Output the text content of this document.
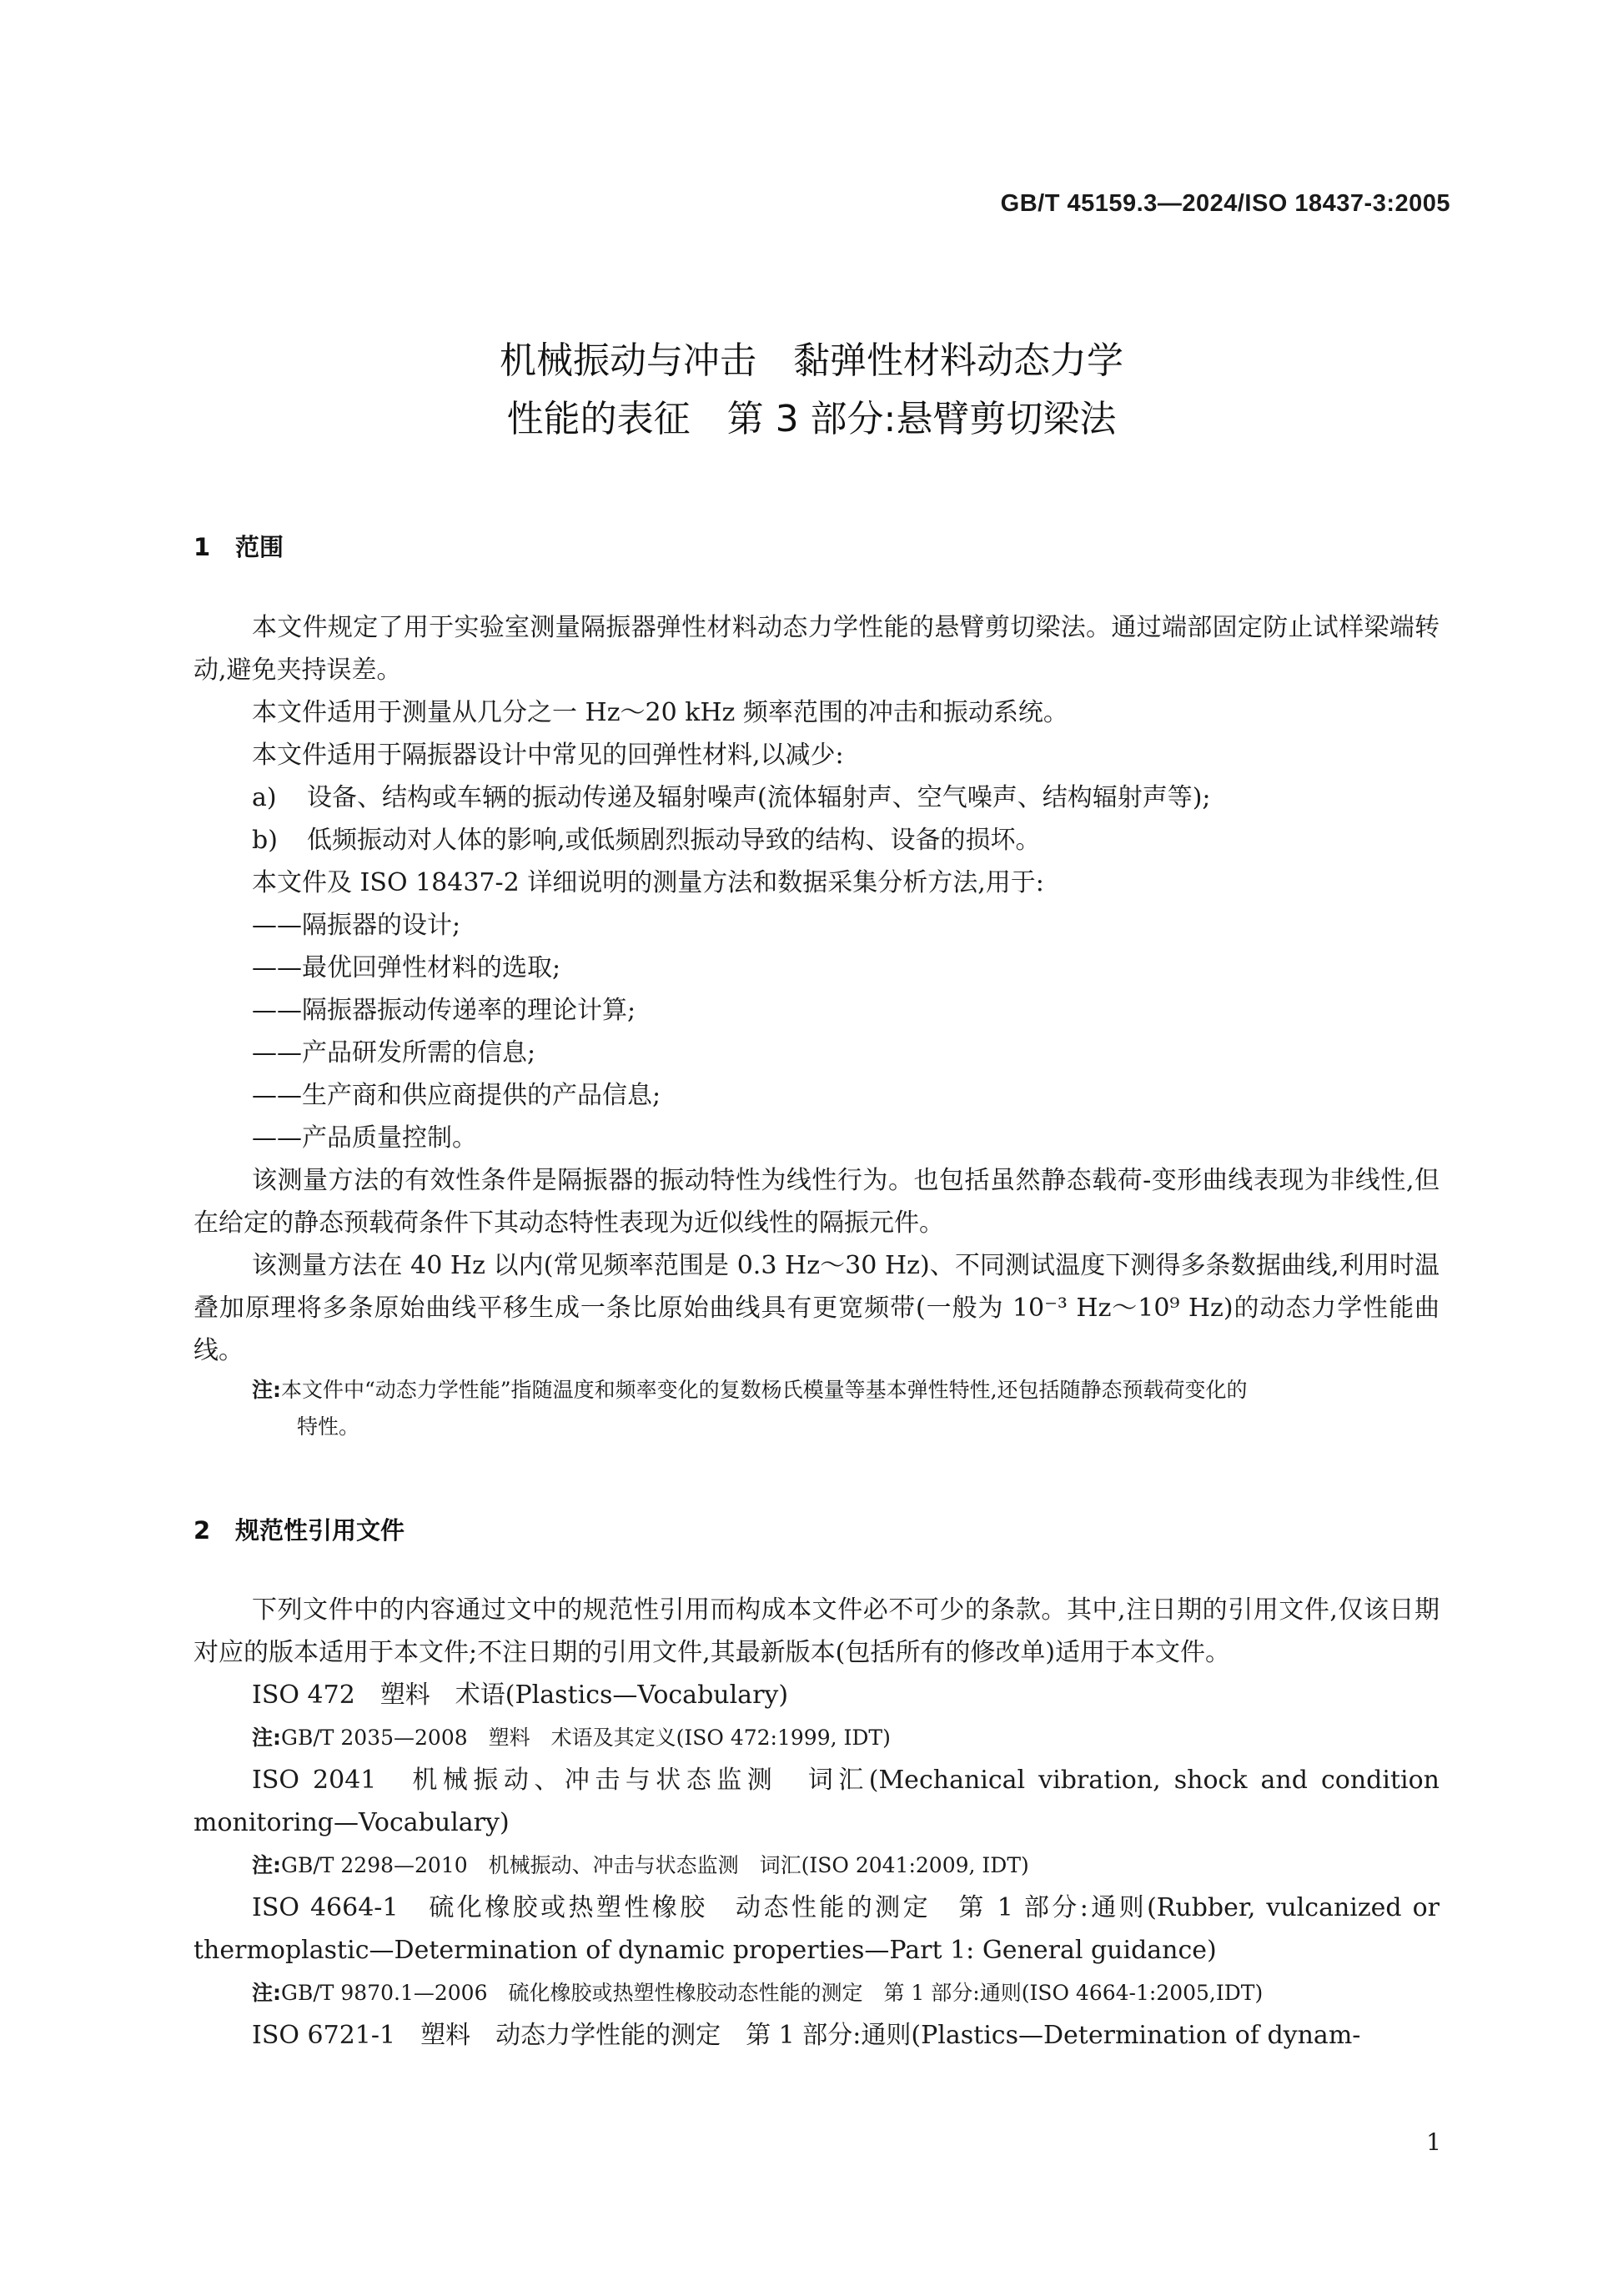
GB/T 45159.3—2024/ISO 18437-3:2005
机械振动与冲击　黏弹性材料动态力学
性能的表征　第 3 部分:悬臂剪切梁法
1 范围

本文件规定了用于实验室测量隔振器弹性材料动态力学性能的悬臂剪切梁法。通过端部固定防止试样梁端转动,避免夹持误差。

本文件适用于测量从几分之一 Hz～20 kHz 频率范围的冲击和振动系统。

本文件适用于隔振器设计中常见的回弹性材料,以减少:

a) 设备、结构或车辆的振动传递及辐射噪声(流体辐射声、空气噪声、结构辐射声等);
b) 低频振动对人体的影响,或低频剧烈振动导致的结构、设备的损坏。

本文件及 ISO 18437-2 详细说明的测量方法和数据采集分析方法,用于:

——隔振器的设计;
——最优回弹性材料的选取;
——隔振器振动传递率的理论计算;
——产品研发所需的信息;
——生产商和供应商提供的产品信息;
——产品质量控制。

该测量方法的有效性条件是隔振器的振动特性为线性行为。也包括虽然静态载荷-变形曲线表现为非线性,但在给定的静态预载荷条件下其动态特性表现为近似线性的隔振元件。

该测量方法在 40 Hz 以内(常见频率范围是 0.3 Hz～30 Hz)、不同测试温度下测得多条数据曲线,利用时温叠加原理将多条原始曲线平移生成一条比原始曲线具有更宽频带(一般为 10⁻³ Hz～10⁹ Hz)的动态力学性能曲线。

注:本文件中“动态力学性能”指随温度和频率变化的复数杨氏模量等基本弹性特性,还包括随静态预载荷变化的
特性。
2 规范性引用文件

下列文件中的内容通过文中的规范性引用而构成本文件必不可少的条款。其中,注日期的引用文件,仅该日期对应的版本适用于本文件;不注日期的引用文件,其最新版本(包括所有的修改单)适用于本文件。

ISO 472　塑料　术语(Plastics—Vocabulary)
注:GB/T 2035—2008　塑料　术语及其定义(ISO 472:1999, IDT)

ISO 2041　机械振动、冲击与状态监测　词汇(Mechanical vibration, shock and condition monitoring—Vocabulary)

注:GB/T 2298—2010　机械振动、冲击与状态监测　词汇(ISO 2041:2009, IDT)

ISO 4664-1　硫化橡胶或热塑性橡胶　动态性能的测定　第 1 部分:通则(Rubber, vulcanized or thermoplastic—Determination of dynamic properties—Part 1: General guidance)

注:GB/T 9870.1—2006　硫化橡胶或热塑性橡胶动态性能的测定　第 1 部分:通则(ISO 4664-1:2005,IDT)
ISO 6721-1　塑料　动态力学性能的测定　第 1 部分:通则(Plastics—Determination of dynam-
1
